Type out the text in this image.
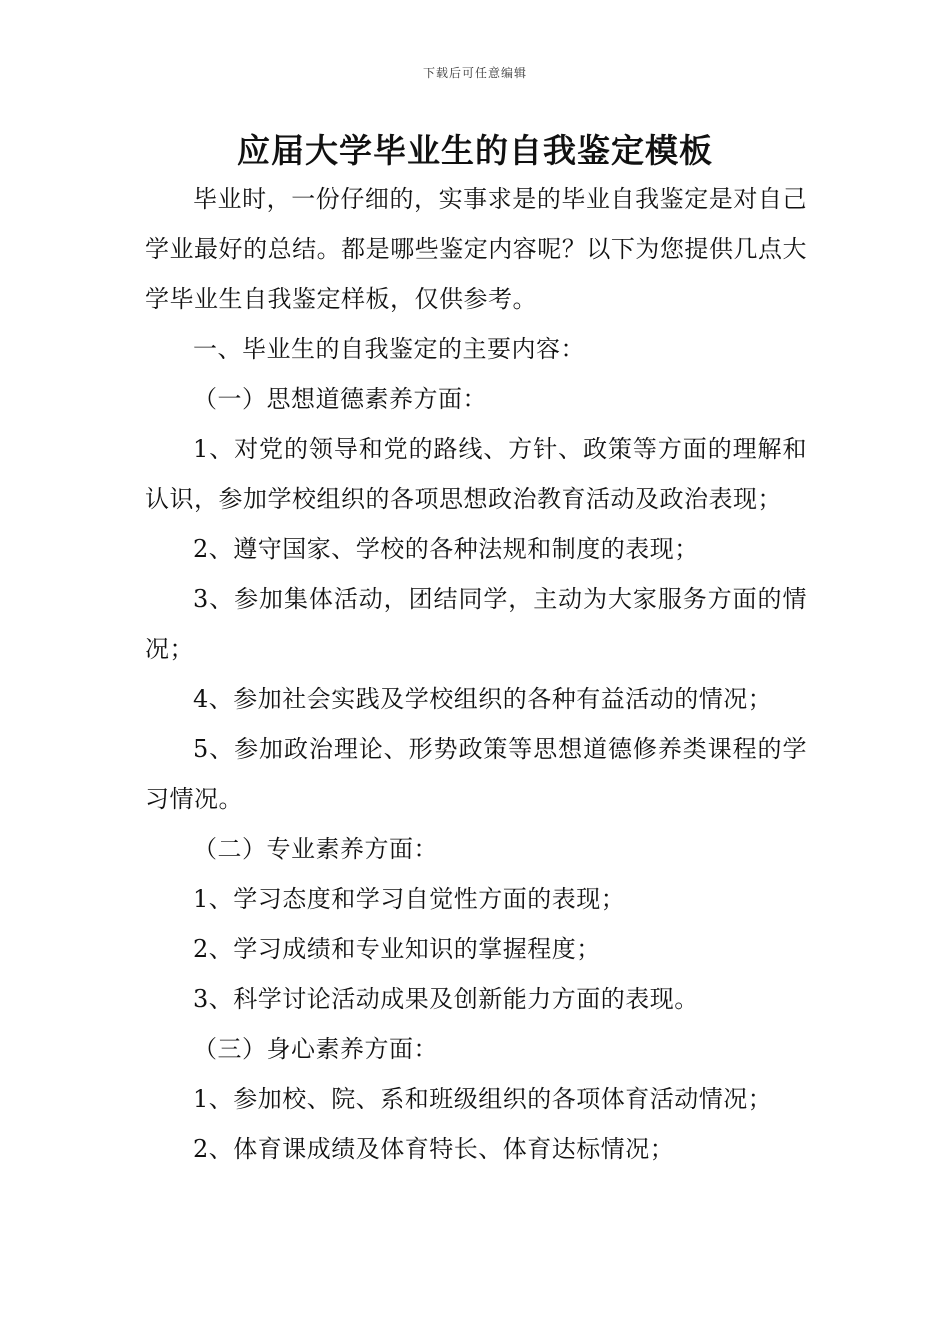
下载后可任意编辑
应届大学毕业生的自我鉴定模板

毕业时，一份仔细的，实事求是的毕业自我鉴定是对自己学业最好的总结。都是哪些鉴定内容呢？以下为您提供几点大学毕业生自我鉴定样板，仅供参考。

一、毕业生的自我鉴定的主要内容：

（一）思想道德素养方面：

1、对党的领导和党的路线、方针、政策等方面的理解和认识，参加学校组织的各项思想政治教育活动及政治表现；

2、遵守国家、学校的各种法规和制度的表现；

3、参加集体活动，团结同学，主动为大家服务方面的情况；

4、参加社会实践及学校组织的各种有益活动的情况；

5、参加政治理论、形势政策等思想道德修养类课程的学习情况。

（二）专业素养方面：

1、学习态度和学习自觉性方面的表现；

2、学习成绩和专业知识的掌握程度；

3、科学讨论活动成果及创新能力方面的表现。

（三）身心素养方面：

1、参加校、院、系和班级组织的各项体育活动情况；

2、体育课成绩及体育特长、体育达标情况；
